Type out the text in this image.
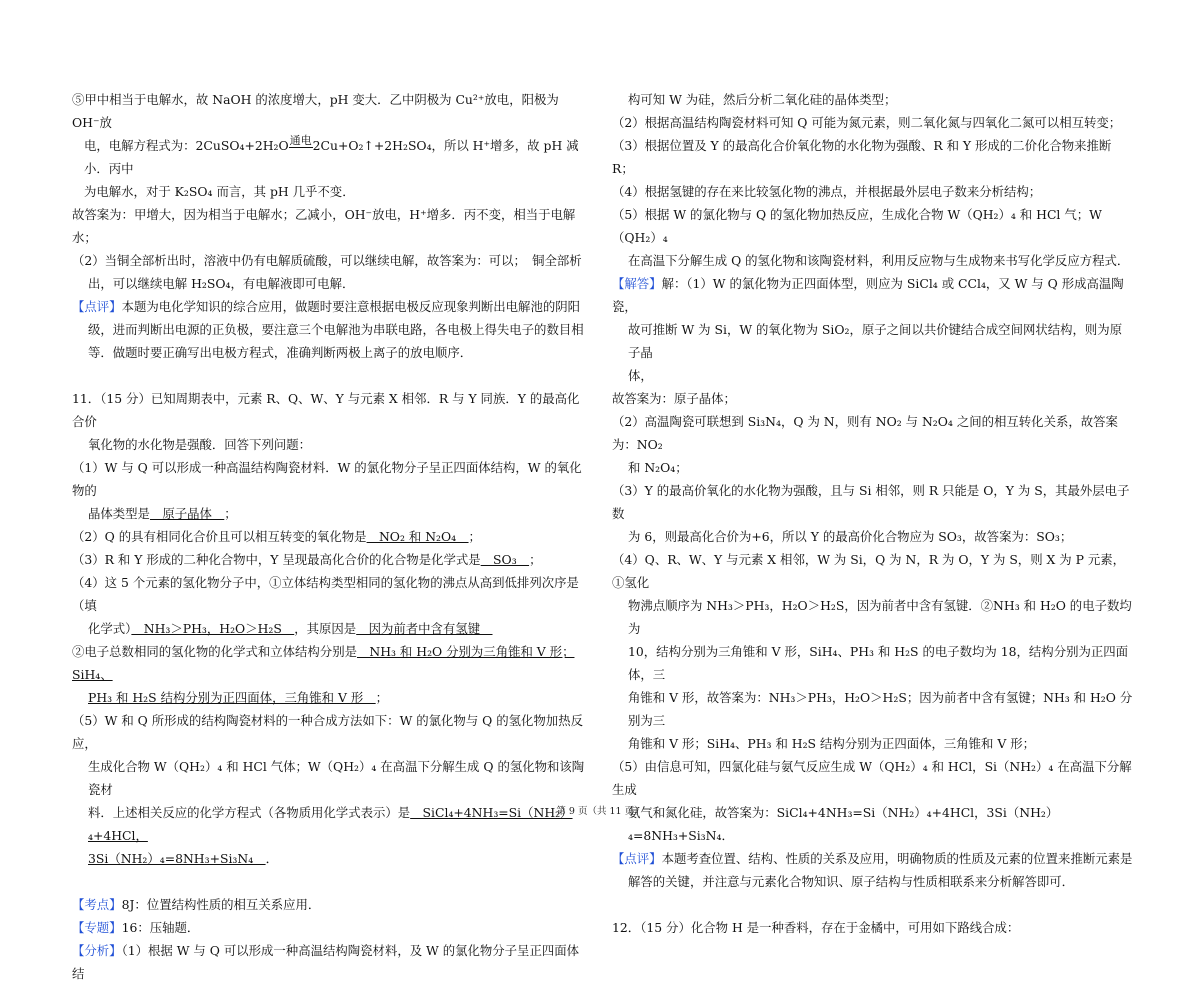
⑤甲中相当于电解水，故 NaOH 的浓度增大，pH 变大．乙中阴极为 Cu²⁺放电，阳极为 OH⁻放

电，电解方程式为：2CuSO₄+2H₂O通电2Cu+O₂↑+2H₂SO₄，所以 H⁺增多，故 pH 减小．丙中

为电解水，对于 K₂SO₄ 而言，其 pH 几乎不变．

故答案为：甲增大，因为相当于电解水；乙减小，OH⁻放电，H⁺增多．丙不变，相当于电解水；

（2）当铜全部析出时，溶液中仍有电解质硫酸，可以继续电解，故答案为：可以；　铜全部析

出，可以继续电解 H₂SO₄，有电解液即可电解．

【点评】本题为电化学知识的综合应用，做题时要注意根据电极反应现象判断出电解池的阴阳

级，进而判断出电源的正负极，要注意三个电解池为串联电路，各电极上得失电子的数目相

等．做题时要正确写出电极方程式，准确判断两极上离子的放电顺序．

11．（15 分）已知周期表中，元素 R、Q、W、Y 与元素 X 相邻．R 与 Y 同族．Y 的最高化合价

氧化物的水化物是强酸．回答下列问题：

（1）W 与 Q 可以形成一种高温结构陶瓷材料．W 的氯化物分子呈正四面体结构，W 的氧化物的

晶体类型是　原子晶体　；

（2）Q 的具有相同化合价且可以相互转变的氧化物是　NO₂ 和 N₂O₄　；

（3）R 和 Y 形成的二种化合物中，Y 呈现最高化合价的化合物是化学式是　SO₃　；

（4）这 5 个元素的氢化物分子中，①立体结构类型相同的氢化物的沸点从高到低排列次序是（填

化学式）　NH₃＞PH₃，H₂O＞H₂S　，其原因是　因为前者中含有氢键　

②电子总数相同的氢化物的化学式和立体结构分别是　NH₃ 和 H₂O 分别为三角锥和 V 形；SiH₄、

PH₃ 和 H₂S 结构分别为正四面体，三角锥和 V 形　；

（5）W 和 Q 所形成的结构陶瓷材料的一种合成方法如下：W 的氯化物与 Q 的氢化物加热反应，

生成化合物 W（QH₂）₄ 和 HCl 气体；W（QH₂）₄ 在高温下分解生成 Q 的氢化物和该陶瓷材

料．上述相关反应的化学方程式（各物质用化学式表示）是　SiCl₄+4NH₃=Si（NH₂）₄+4HCl，

3Si（NH₂）₄=8NH₃+Si₃N₄　．

【考点】8J：位置结构性质的相互关系应用．

【专题】16：压轴题．

【分析】（1）根据 W 与 Q 可以形成一种高温结构陶瓷材料，及 W 的氯化物分子呈正四面体结

构可知 W 为硅，然后分析二氧化硅的晶体类型；

（2）根据高温结构陶瓷材料可知 Q 可能为氮元素，则二氧化氮与四氧化二氮可以相互转变；

（3）根据位置及 Y 的最高化合价氧化物的水化物为强酸、R 和 Y 形成的二价化合物来推断 R；

（4）根据氢键的存在来比较氢化物的沸点，并根据最外层电子数来分析结构；

（5）根据 W 的氯化物与 Q 的氢化物加热反应，生成化合物 W（QH₂）₄ 和 HCl 气；W（QH₂）₄

在高温下分解生成 Q 的氢化物和该陶瓷材料，利用反应物与生成物来书写化学反应方程式．

【解答】解：（1）W 的氯化物为正四面体型，则应为 SiCl₄ 或 CCl₄，又 W 与 Q 形成高温陶瓷，

故可推断 W 为 Si，W 的氧化物为 SiO₂，原子之间以共价键结合成空间网状结构，则为原子晶

体，

故答案为：原子晶体；

（2）高温陶瓷可联想到 Si₃N₄，Q 为 N，则有 NO₂ 与 N₂O₄ 之间的相互转化关系，故答案为：NO₂

和 N₂O₄；

（3）Y 的最高价氧化的水化物为强酸，且与 Si 相邻，则 R 只能是 O，Y 为 S，其最外层电子数

为 6，则最高化合价为+6，所以 Y 的最高价化合物应为 SO₃，故答案为：SO₃；

（4）Q、R、W、Y 与元素 X 相邻，W 为 Si，Q 为 N，R 为 O，Y 为 S，则 X 为 P 元素，①氢化

物沸点顺序为 NH₃＞PH₃，H₂O＞H₂S，因为前者中含有氢键．②NH₃ 和 H₂O 的电子数均为

10，结构分别为三角锥和 V 形，SiH₄、PH₃ 和 H₂S 的电子数均为 18，结构分别为正四面体，三

角锥和 V 形，故答案为：NH₃＞PH₃，H₂O＞H₂S；因为前者中含有氢键；NH₃ 和 H₂O 分别为三

角锥和 V 形；SiH₄、PH₃ 和 H₂S 结构分别为正四面体，三角锥和 V 形；

（5）由信息可知，四氯化硅与氨气反应生成 W（QH₂）₄ 和 HCl，Si（NH₂）₄ 在高温下分解生成

氨气和氮化硅，故答案为：SiCl₄+4NH₃=Si（NH₂）₄+4HCl，3Si（NH₂）₄=8NH₃+Si₃N₄．

【点评】本题考查位置、结构、性质的关系及应用，明确物质的性质及元素的位置来推断元素是

解答的关键，并注意与元素化合物知识、原子结构与性质相联系来分析解答即可．

12．（15 分）化合物 H 是一种香料，存在于金橘中，可用如下路线合成：

第 9 页（共 11 页）
